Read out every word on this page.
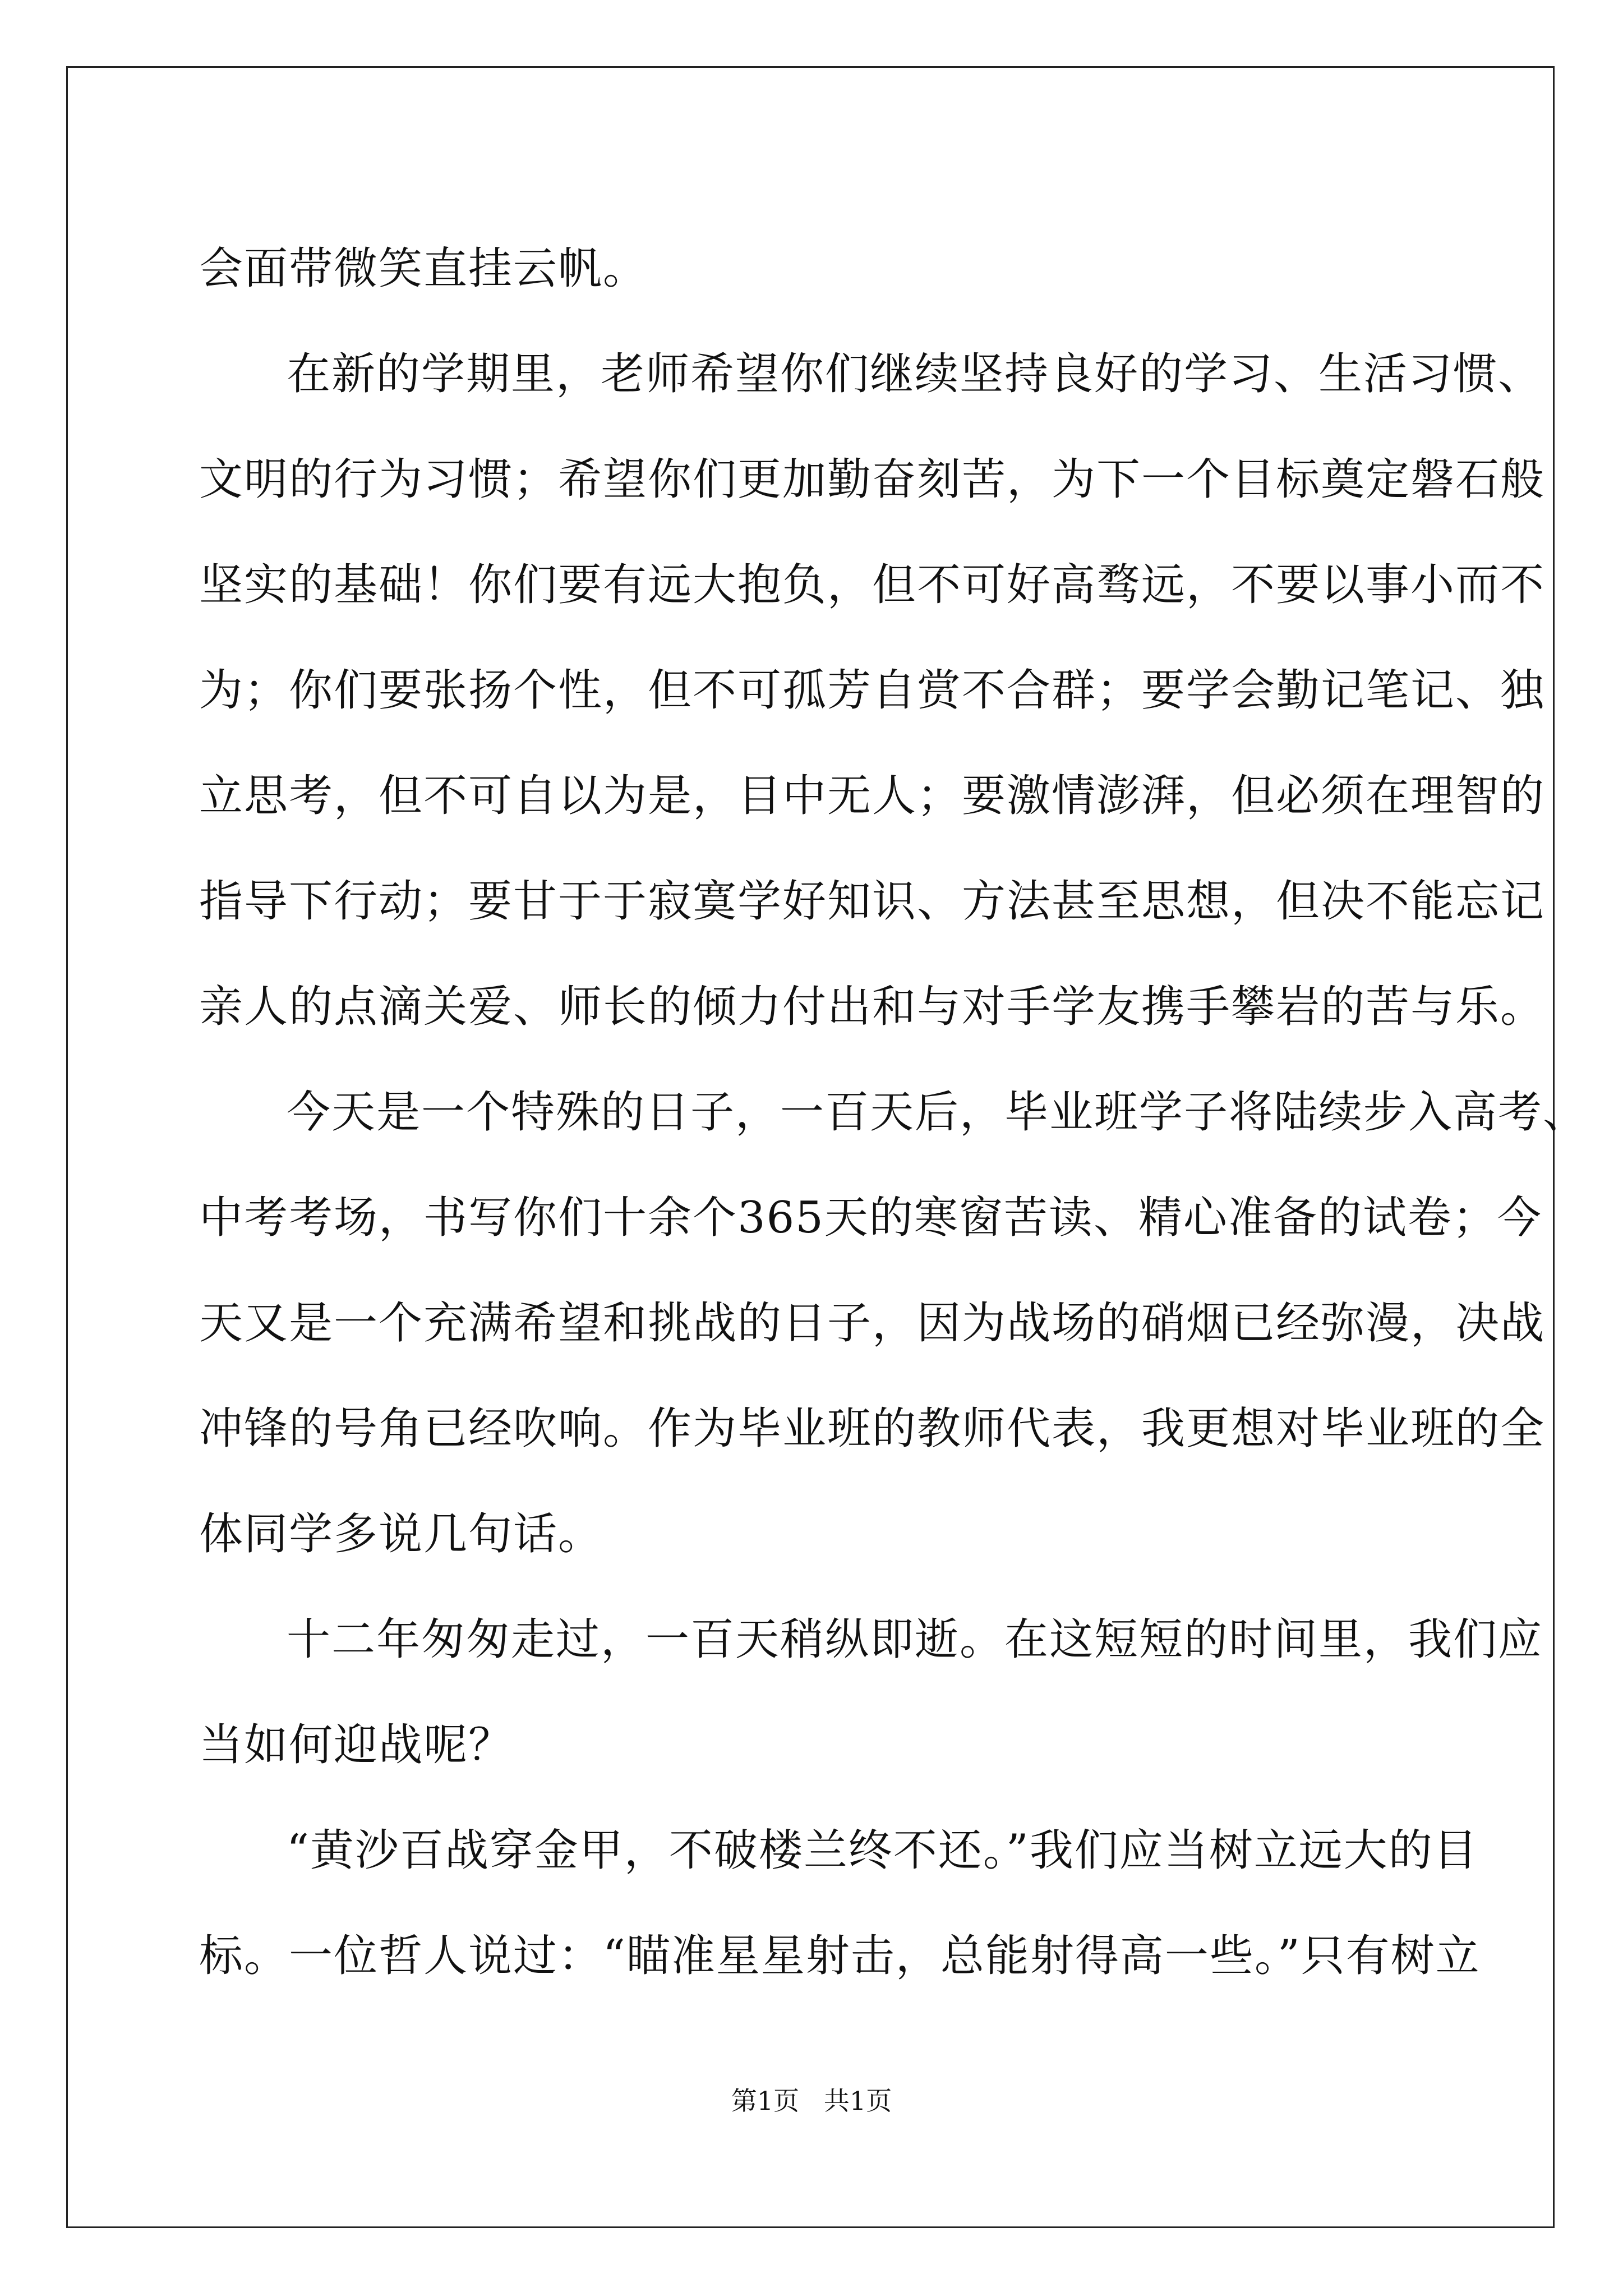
会面带微笑直挂云帆。
在新的学期里，老师希望你们继续坚持良好的学习、生活习惯、
文明的行为习惯；希望你们更加勤奋刻苦，为下一个目标奠定磐石般
坚实的基础！你们要有远大抱负，但不可好高骛远，不要以事小而不
为；你们要张扬个性，但不可孤芳自赏不合群；要学会勤记笔记、独
立思考，但不可自以为是，目中无人；要激情澎湃，但必须在理智的
指导下行动；要甘于于寂寞学好知识、方法甚至思想，但决不能忘记
亲人的点滴关爱、师长的倾力付出和与对手学友携手攀岩的苦与乐。
今天是一个特殊的日子，一百天后，毕业班学子将陆续步入高考、
中考考场，书写你们十余个365天的寒窗苦读、精心准备的试卷；今
天又是一个充满希望和挑战的日子，因为战场的硝烟已经弥漫，决战
冲锋的号角已经吹响。作为毕业班的教师代表，我更想对毕业班的全
体同学多说几句话。
十二年匆匆走过，一百天稍纵即逝。在这短短的时间里，我们应
当如何迎战呢？
“黄沙百战穿金甲，不破楼兰终不还。”我们应当树立远大的目
标。一位哲人说过：“瞄准星星射击，总能射得高一些。”只有树立
第1页   共1页
